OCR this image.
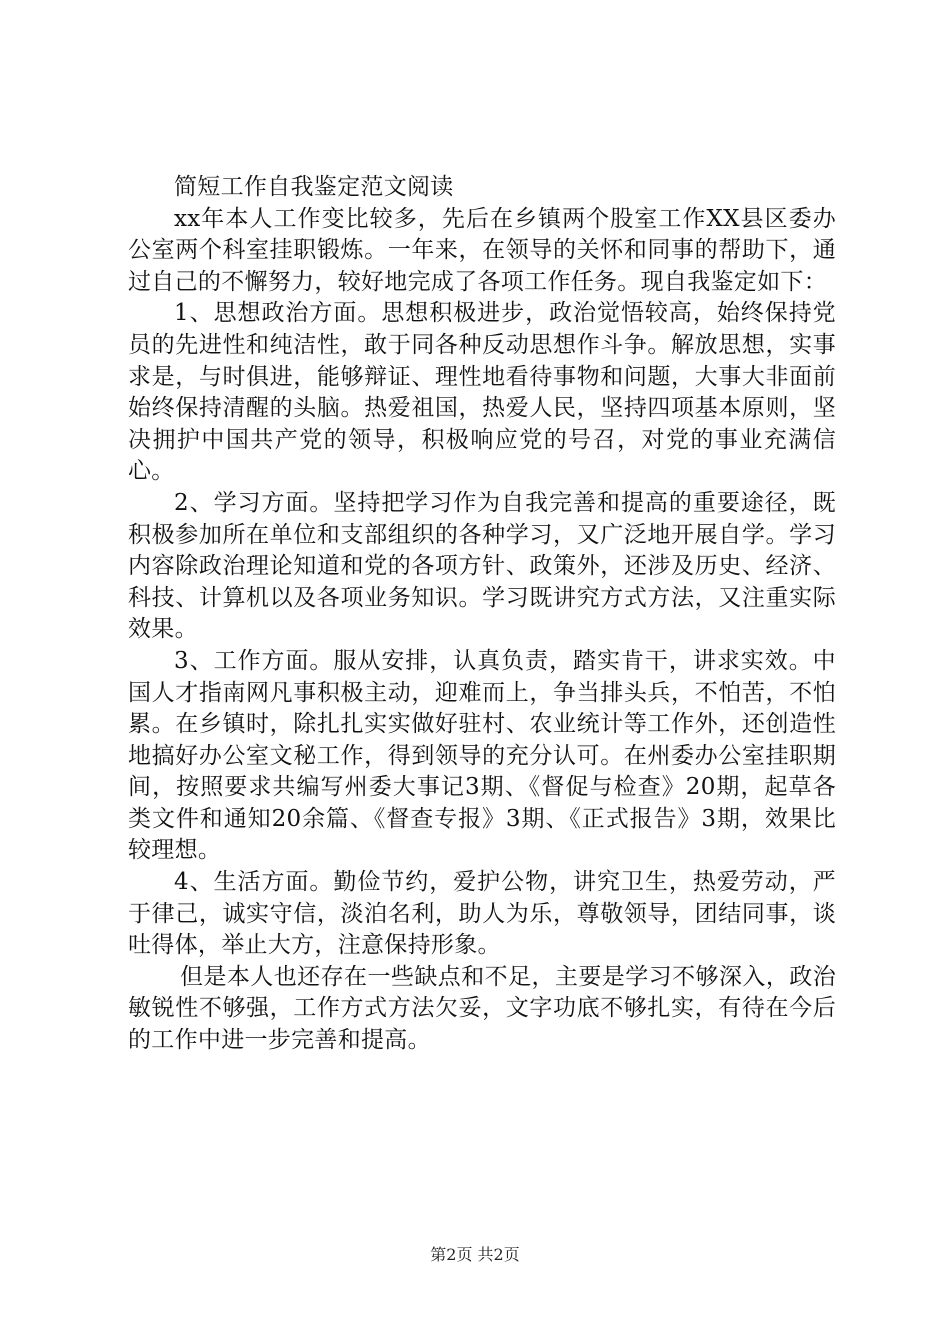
简短工作自我鉴定范文阅读

xx年本人工作变比较多，先后在乡镇两个股室工作XX县区委办公室两个科室挂职锻炼。一年来，在领导的关怀和同事的帮助下，通过自己的不懈努力，较好地完成了各项工作任务。现自我鉴定如下：

1、思想政治方面。思想积极进步，政治觉悟较高，始终保持党员的先进性和纯洁性，敢于同各种反动思想作斗争。解放思想，实事求是，与时俱进，能够辩证、理性地看待事物和问题，大事大非面前始终保持清醒的头脑。热爱祖国，热爱人民，坚持四项基本原则，坚决拥护中国共产党的领导，积极响应党的号召，对党的事业充满信心。

2、学习方面。坚持把学习作为自我完善和提高的重要途径，既积极参加所在单位和支部组织的各种学习，又广泛地开展自学。学习内容除政治理论知道和党的各项方针、政策外，还涉及历史、经济、科技、计算机以及各项业务知识。学习既讲究方式方法，又注重实际效果。

3、工作方面。服从安排，认真负责，踏实肯干，讲求实效。中国人才指南网凡事积极主动，迎难而上，争当排头兵，不怕苦，不怕累。在乡镇时，除扎扎实实做好驻村、农业统计等工作外，还创造性地搞好办公室文秘工作，得到领导的充分认可。在州委办公室挂职期间，按照要求共编写州委大事记3期、《督促与检查》20期，起草各类文件和通知20余篇、《督查专报》3期、《正式报告》3期，效果比较理想。

4、生活方面。勤俭节约，爱护公物，讲究卫生，热爱劳动，严于律己，诚实守信，淡泊名利，助人为乐，尊敬领导，团结同事，谈吐得体，举止大方，注意保持形象。

但是本人也还存在一些缺点和不足，主要是学习不够深入，政治敏锐性不够强，工作方式方法欠妥，文字功底不够扎实，有待在今后的工作中进一步完善和提高。

第2页 共2页
